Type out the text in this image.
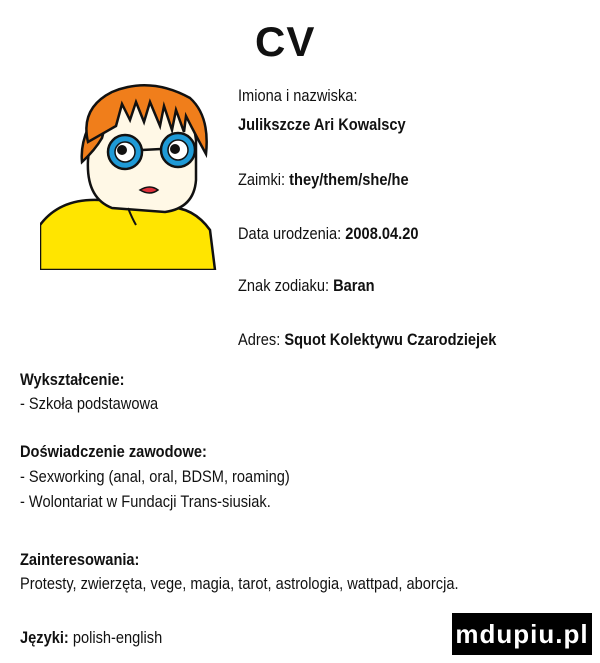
CV
Imiona i nazwiska:
Julikszcze Ari Kowalscy
Zaimki: they/them/she/he
Data urodzenia: 2008.04.20
Znak zodiaku: Baran
Adres: Squot Kolektywu Czarodziejek
Wykształcenie:
- Szkoła podstawowa
Doświadczenie zawodowe:
- Sexworking (anal, oral, BDSM, roaming)
- Wolontariat w Fundacji Trans-siusiak.
Zainteresowania:
Protesty, zwierzęta, vege, magia, tarot, astrologia, wattpad, aborcja.
Języki: polish-english	mdupiu.pl
